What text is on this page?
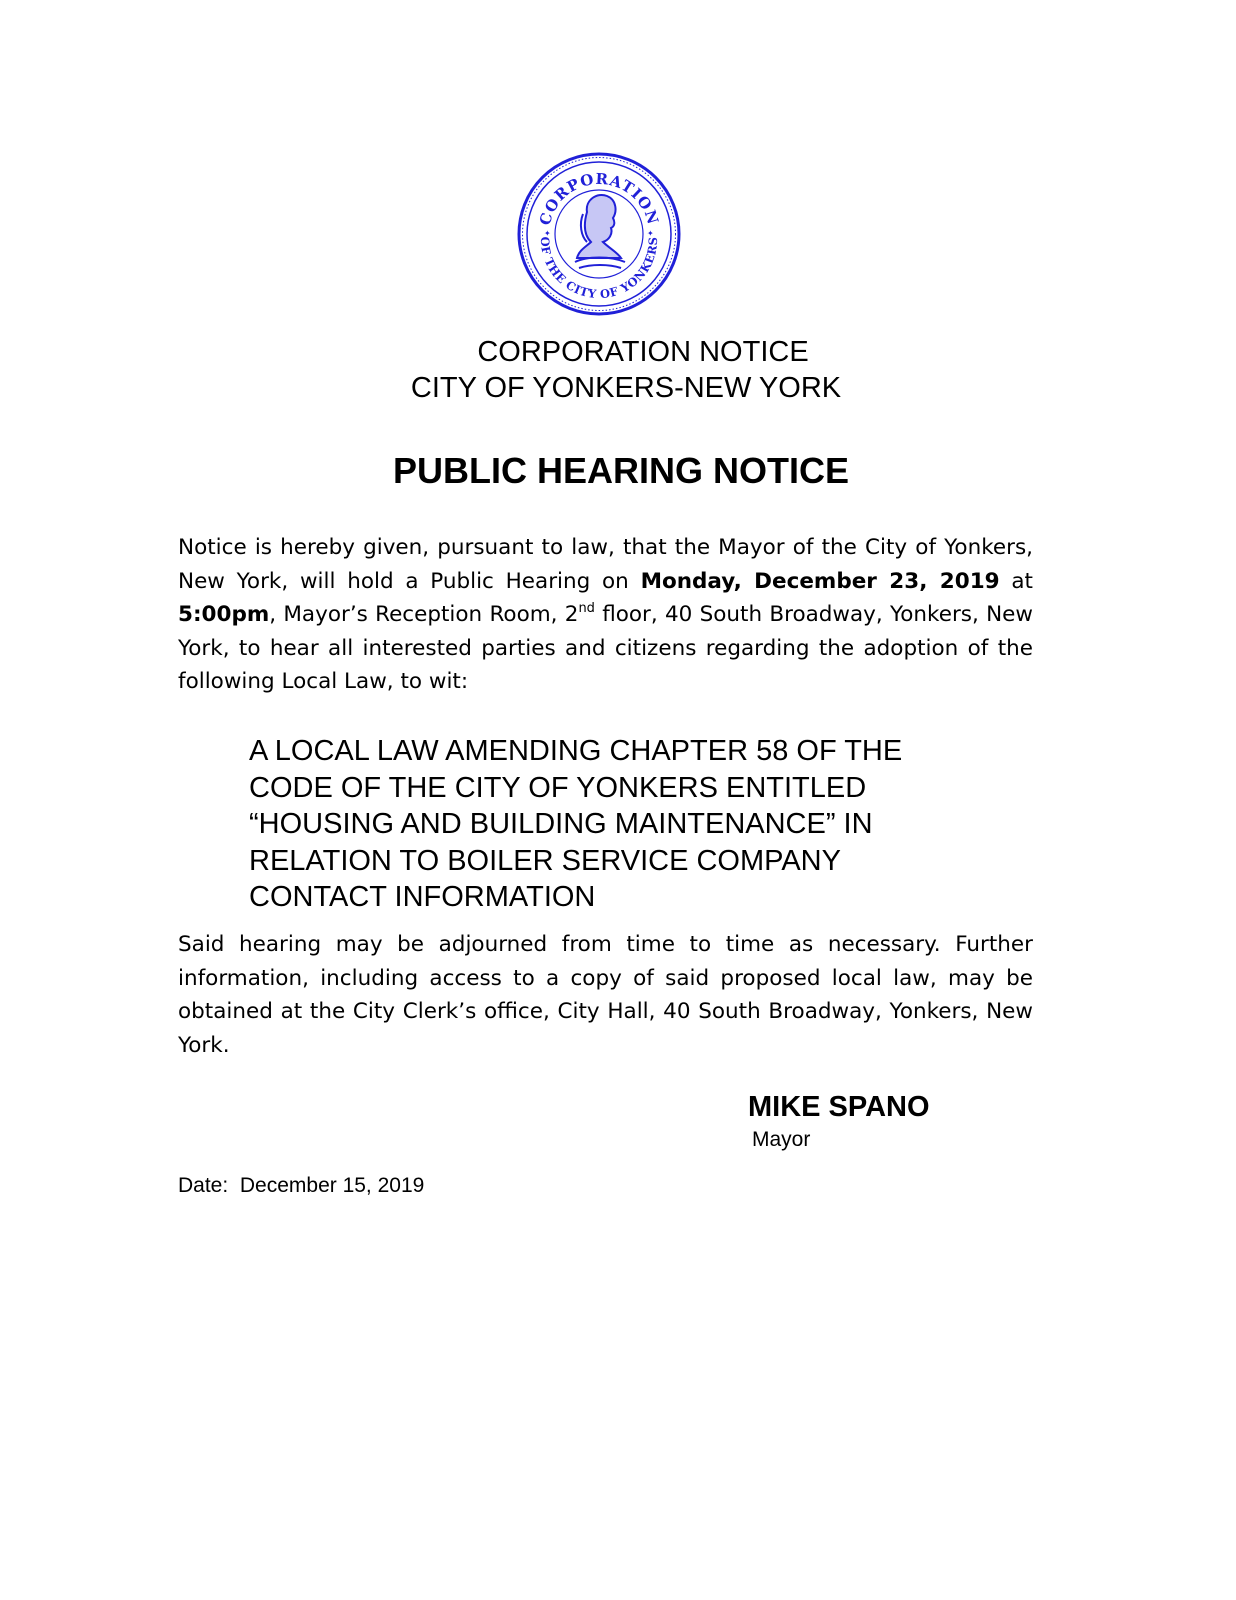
CORPORATION
OF THE CITY OF YONKERS
✦	✦
CORPORATION NOTICE
CITY OF YONKERS-NEW YORK
PUBLIC HEARING NOTICE
Notice is hereby given, pursuant to law, that the Mayor of the City of Yonkers, New York, will hold a Public Hearing on Monday, December 23, 2019 at 5:00pm, Mayor’s Reception Room, 2nd floor, 40 South Broadway, Yonkers, New York, to hear all interested parties and citizens regarding the adoption of the following Local Law, to wit:
A LOCAL LAW AMENDING CHAPTER 58 OF THE
CODE OF THE CITY OF YONKERS ENTITLED
“HOUSING AND BUILDING MAINTENANCE” IN
RELATION TO BOILER SERVICE COMPANY
CONTACT INFORMATION
Said hearing may be adjourned from time to time as necessary. Further information, including access to a copy of said proposed local law, may be obtained at the City Clerk’s office, City Hall, 40 South Broadway, Yonkers, New York.
MIKE SPANO
Mayor
Date: December 15, 2019
